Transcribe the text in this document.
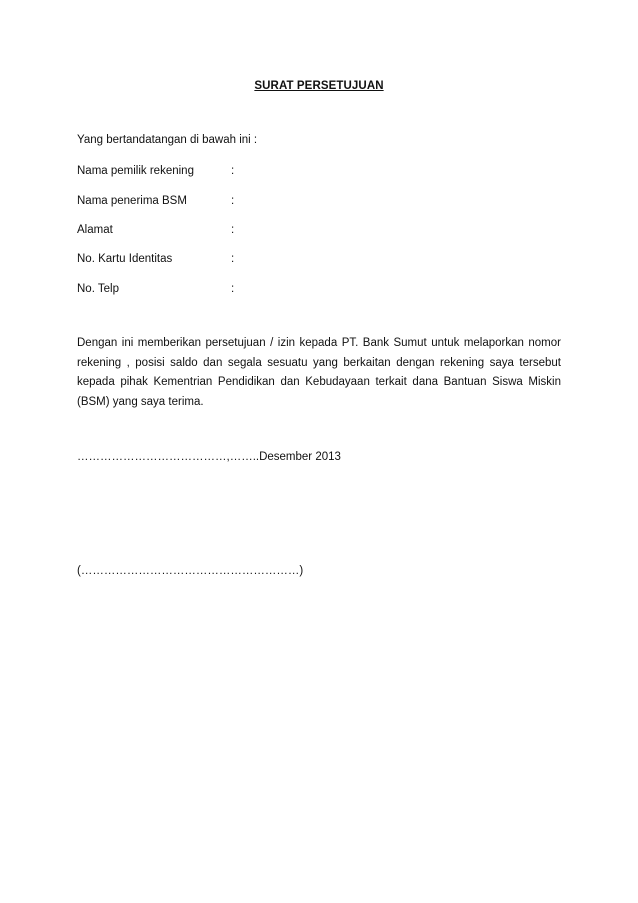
SURAT PERSETUJUAN
Yang bertandatangan di bawah ini :
Nama pemilik rekening	:
Nama penerima BSM	:
Alamat	:
No. Kartu Identitas	:
No. Telp	:
Dengan ini memberikan persetujuan / izin kepada PT. Bank Sumut untuk melaporkan nomor rekening , posisi saldo dan segala sesuatu yang berkaitan dengan rekening saya tersebut kepada pihak Kementrian Pendidikan dan Kebudayaan terkait dana Bantuan Siswa Miskin (BSM) yang saya terima.
…………………………………,……..Desember 2013
(…………………………………………………)
